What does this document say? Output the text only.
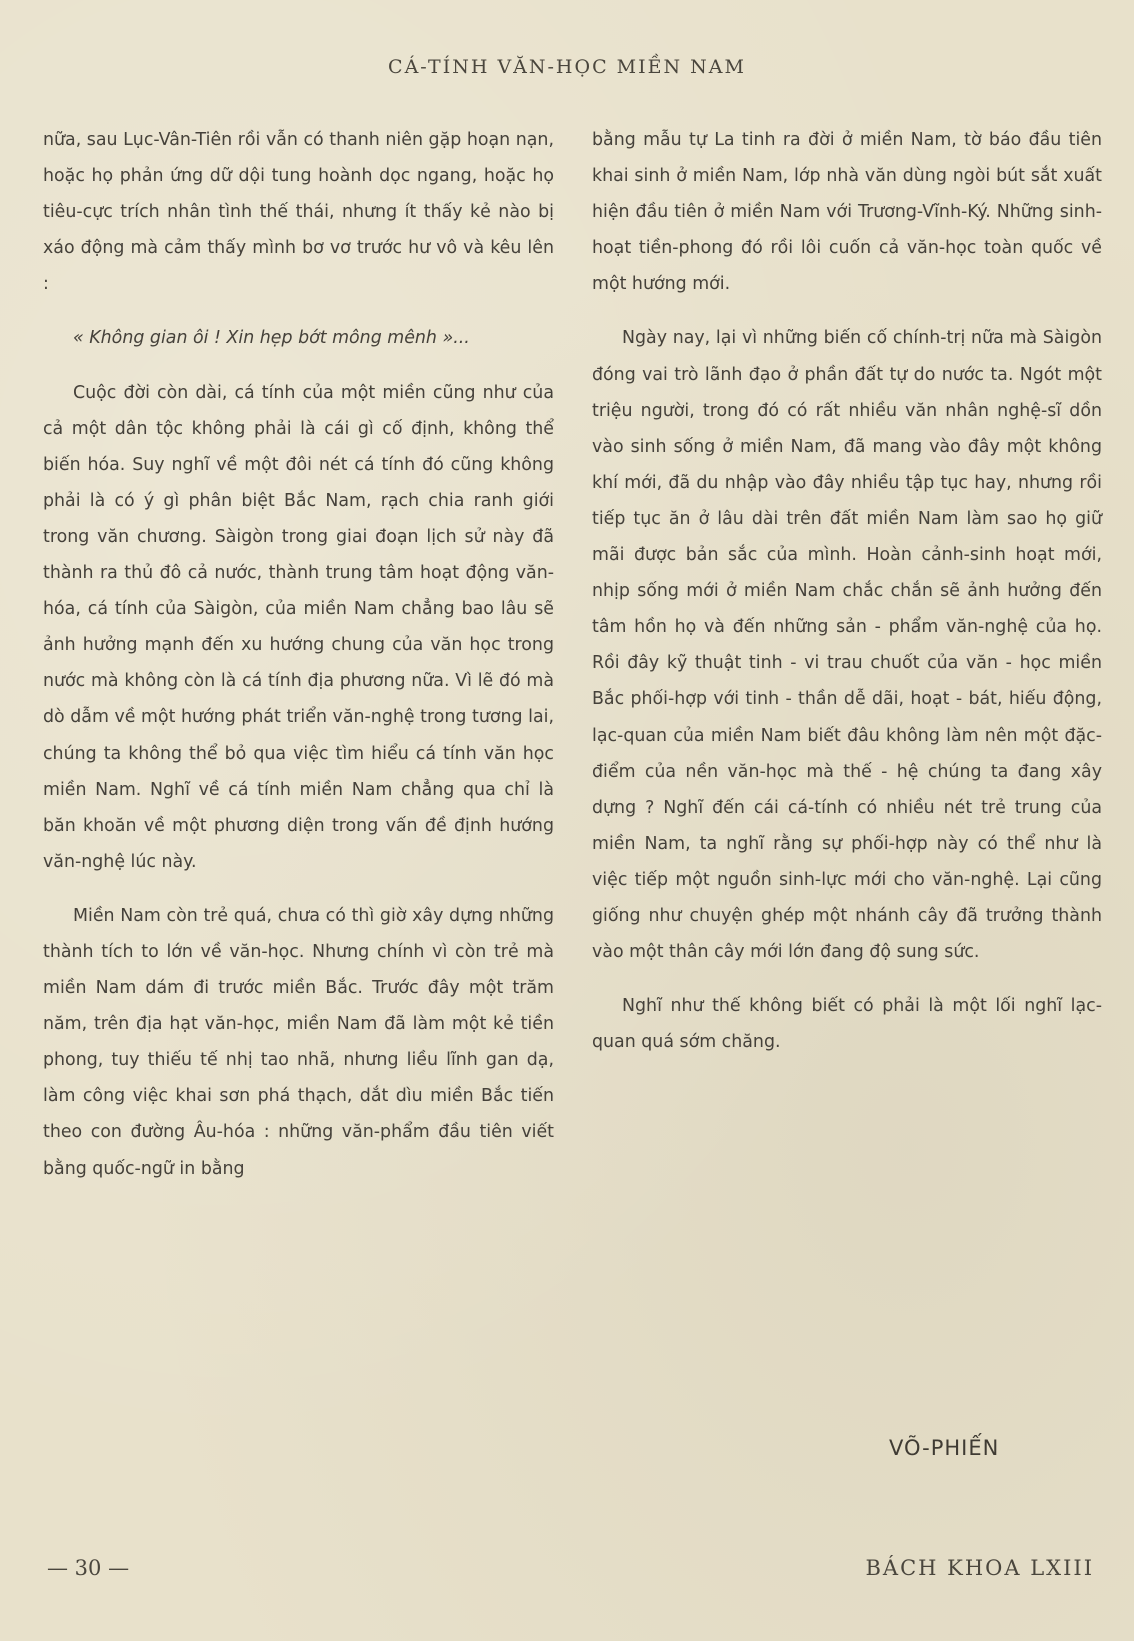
CÁ-TÍNH VĂN-HỌC MIỀN NAM

nữa, sau Lục-Vân-Tiên rồi vẫn có thanh niên gặp hoạn nạn, hoặc họ phản ứng dữ dội tung hoành dọc ngang, hoặc họ tiêu-cực trích nhân tình thế thái, nhưng ít thấy kẻ nào bị xáo động mà cảm thấy mình bơ vơ trước hư vô và kêu lên :

« Không gian ôi ! Xin hẹp bớt mông mênh »...

Cuộc đời còn dài, cá tính của một miền cũng như của cả một dân tộc không phải là cái gì cố định, không thể biến hóa. Suy nghĩ về một đôi nét cá tính đó cũng không phải là có ý gì phân biệt Bắc Nam, rạch chia ranh giới trong văn chương. Sàigòn trong giai đoạn lịch sử này đã thành ra thủ đô cả nước, thành trung tâm hoạt động văn-hóa, cá tính của Sàigòn, của miền Nam chẳng bao lâu sẽ ảnh hưởng mạnh đến xu hướng chung của văn học trong nước mà không còn là cá tính địa phương nữa. Vì lẽ đó mà dò dẫm về một hướng phát triển văn-nghệ trong tương lai, chúng ta không thể bỏ qua việc tìm hiểu cá tính văn học miền Nam. Nghĩ về cá tính miền Nam chẳng qua chỉ là băn khoăn về một phương diện trong vấn đề định hướng văn-nghệ lúc này.

Miền Nam còn trẻ quá, chưa có thì giờ xây dựng những thành tích to lớn về văn-học. Nhưng chính vì còn trẻ mà miền Nam dám đi trước miền Bắc. Trước đây một trăm năm, trên địa hạt văn-học, miền Nam đã làm một kẻ tiền phong, tuy thiếu tế nhị tao nhã, nhưng liều lĩnh gan dạ, làm công việc khai sơn phá thạch, dắt dìu miền Bắc tiến theo con đường Âu-hóa : những văn-phẩm đầu tiên viết bằng quốc-ngữ in bằng

bằng mẫu tự La tinh ra đời ở miền Nam, tờ báo đầu tiên khai sinh ở miền Nam, lớp nhà văn dùng ngòi bút sắt xuất hiện đầu tiên ở miền Nam với Trương-Vĩnh-Ký. Những sinh-hoạt tiền-phong đó rồi lôi cuốn cả văn-học toàn quốc về một hướng mới.

Ngày nay, lại vì những biến cố chính-trị nữa mà Sàigòn đóng vai trò lãnh đạo ở phần đất tự do nước ta. Ngót một triệu người, trong đó có rất nhiều văn nhân nghệ-sĩ dồn vào sinh sống ở miền Nam, đã mang vào đây một không khí mới, đã du nhập vào đây nhiều tập tục hay, nhưng rồi tiếp tục ăn ở lâu dài trên đất miền Nam làm sao họ giữ mãi được bản sắc của mình. Hoàn cảnh-sinh hoạt mới, nhịp sống mới ở miền Nam chắc chắn sẽ ảnh hưởng đến tâm hồn họ và đến những sản - phẩm văn-nghệ của họ. Rồi đây kỹ thuật tinh - vi trau chuốt của văn - học miền Bắc phối-hợp với tinh - thần dễ dãi, hoạt - bát, hiếu động, lạc-quan của miền Nam biết đâu không làm nên một đặc-điểm của nền văn-học mà thế - hệ chúng ta đang xây dựng ? Nghĩ đến cái cá-tính có nhiều nét trẻ trung của miền Nam, ta nghĩ rằng sự phối-hợp này có thể như là việc tiếp một nguồn sinh-lực mới cho văn-nghệ. Lại cũng giống như chuyện ghép một nhánh cây đã trưởng thành vào một thân cây mới lớn đang độ sung sức.

Nghĩ như thế không biết có phải là một lối nghĩ lạc-quan quá sớm chăng.

VÕ-PHIẾN
— 30 —	BÁCH KHOA LXIII
